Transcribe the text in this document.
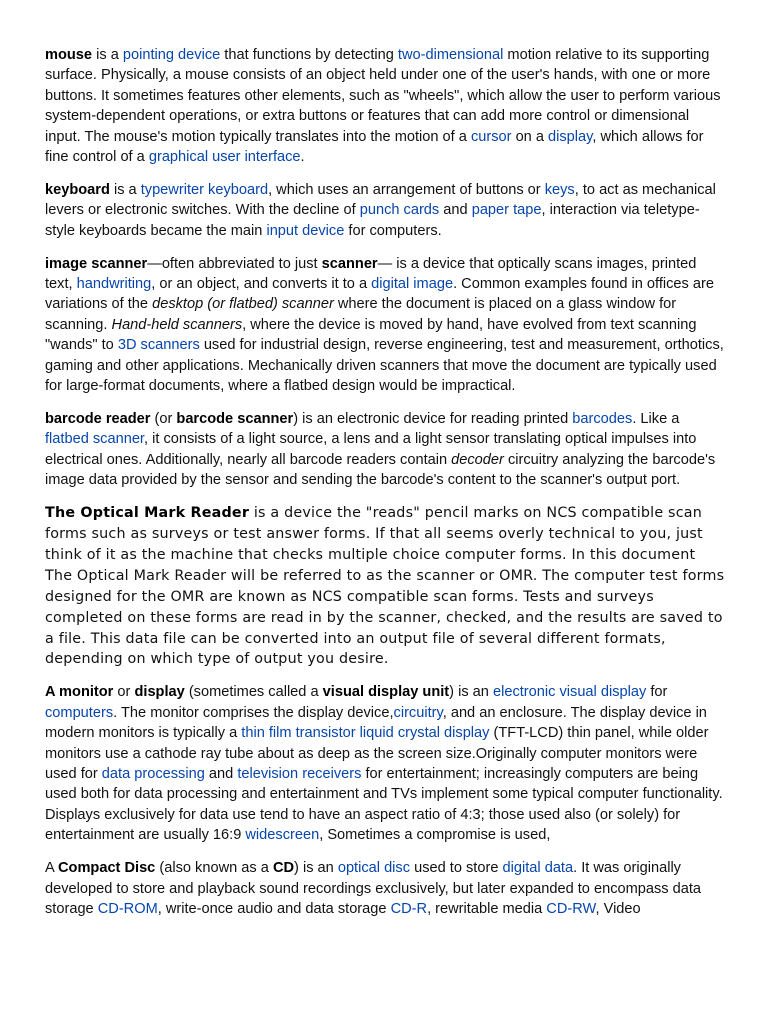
mouse is a pointing device that functions by detecting two-dimensional motion relative to its supporting surface. Physically, a mouse consists of an object held under one of the user's hands, with one or more buttons. It sometimes features other elements, such as "wheels", which allow the user to perform various system-dependent operations, or extra buttons or features that can add more control or dimensional input. The mouse's motion typically translates into the motion of a cursor on a display, which allows for fine control of a graphical user interface.

keyboard is a typewriter keyboard, which uses an arrangement of buttons or keys, to act as mechanical levers or electronic switches. With the decline of punch cards and paper tape, interaction via teletype-style keyboards became the main input device for computers.

image scanner—often abbreviated to just scanner— is a device that optically scans images, printed text, handwriting, or an object, and converts it to a digital image. Common examples found in offices are variations of the desktop (or flatbed) scanner where the document is placed on a glass window for scanning. Hand-held scanners, where the device is moved by hand, have evolved from text scanning "wands" to 3D scanners used for industrial design, reverse engineering, test and measurement, orthotics, gaming and other applications. Mechanically driven scanners that move the document are typically used for large-format documents, where a flatbed design would be impractical.

barcode reader (or barcode scanner) is an electronic device for reading printed barcodes. Like a flatbed scanner, it consists of a light source, a lens and a light sensor translating optical impulses into electrical ones. Additionally, nearly all barcode readers contain decoder circuitry analyzing the barcode's image data provided by the sensor and sending the barcode's content to the scanner's output port.

The Optical Mark Reader is a device the "reads" pencil marks on NCS compatible scan forms such as surveys or test answer forms. If that all seems overly technical to you, just think of it as the machine that checks multiple choice computer forms. In this document The Optical Mark Reader will be referred to as the scanner or OMR. The computer test forms designed for the OMR are known as NCS compatible scan forms. Tests and surveys completed on these forms are read in by the scanner, checked, and the results are saved to a file. This data file can be converted into an output file of several different formats, depending on which type of output you desire.

A monitor or display (sometimes called a visual display unit) is an electronic visual display for computers. The monitor comprises the display device,circuitry, and an enclosure. The display device in modern monitors is typically a thin film transistor liquid crystal display (TFT-LCD) thin panel, while older monitors use a cathode ray tube about as deep as the screen size.Originally computer monitors were used for data processing and television receivers for entertainment; increasingly computers are being used both for data processing and entertainment and TVs implement some typical computer functionality. Displays exclusively for data use tend to have an aspect ratio of 4:3; those used also (or solely) for entertainment are usually 16:9 widescreen, Sometimes a compromise is used,

A Compact Disc (also known as a CD) is an optical disc used to store digital data. It was originally developed to store and playback sound recordings exclusively, but later expanded to encompass data storage CD-ROM, write-once audio and data storage CD-R, rewritable media CD-RW, Video
